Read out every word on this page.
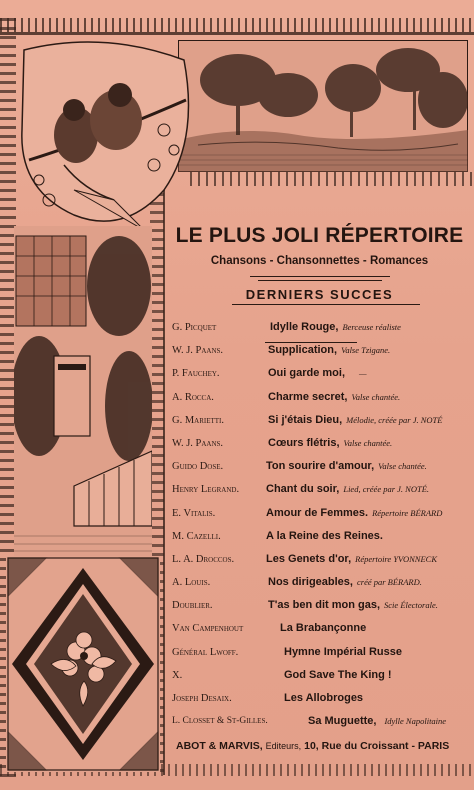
LE PLUS JOLI RÉPERTOIRE
Chansons - Chansonnettes - Romances
DERNIERS SUCCES
G. Picquet	Idylle Rouge, Berceuse réaliste
W. J. Paans.	Supplication, Valse Tzigane.
P. Fauchey.	Oui garde moi, —
A. Rocca.	Charme secret, Valse chantée.
G. Marietti.	Si j'étais Dieu, Mélodie, créée par J. NOTÉ
W. J. Paans.	Cœurs flétris, Valse chantée.
Guido Dose.	Ton sourire d'amour, Valse chantée.
Henry Legrand. Chant du soir, Lied, créée par J. NOTÉ.
E. Vitalis.	Amour de Femmes. Répertoire BÉRARD
M. Cazelli.	A la Reine des Reines.
L. A. Droccos.	Les Genets d'or, Répertoire YVONNECK
A. Louis.	Nos dirigeables, créé par BÉRARD.
Doublier.	T'as ben dit mon gas, Scie Électorale.
Van Campenhout	La Brabançonne
Général Lwoff.	Hymne Impérial Russe
X.	God Save The King !
Joseph Desaix.	Les Allobroges
L. Closset & St-Gilles.	Sa Muguette, Idylle Napolitaine
ABOT & MARVIS, Editeurs, 10, Rue du Croissant - PARIS
